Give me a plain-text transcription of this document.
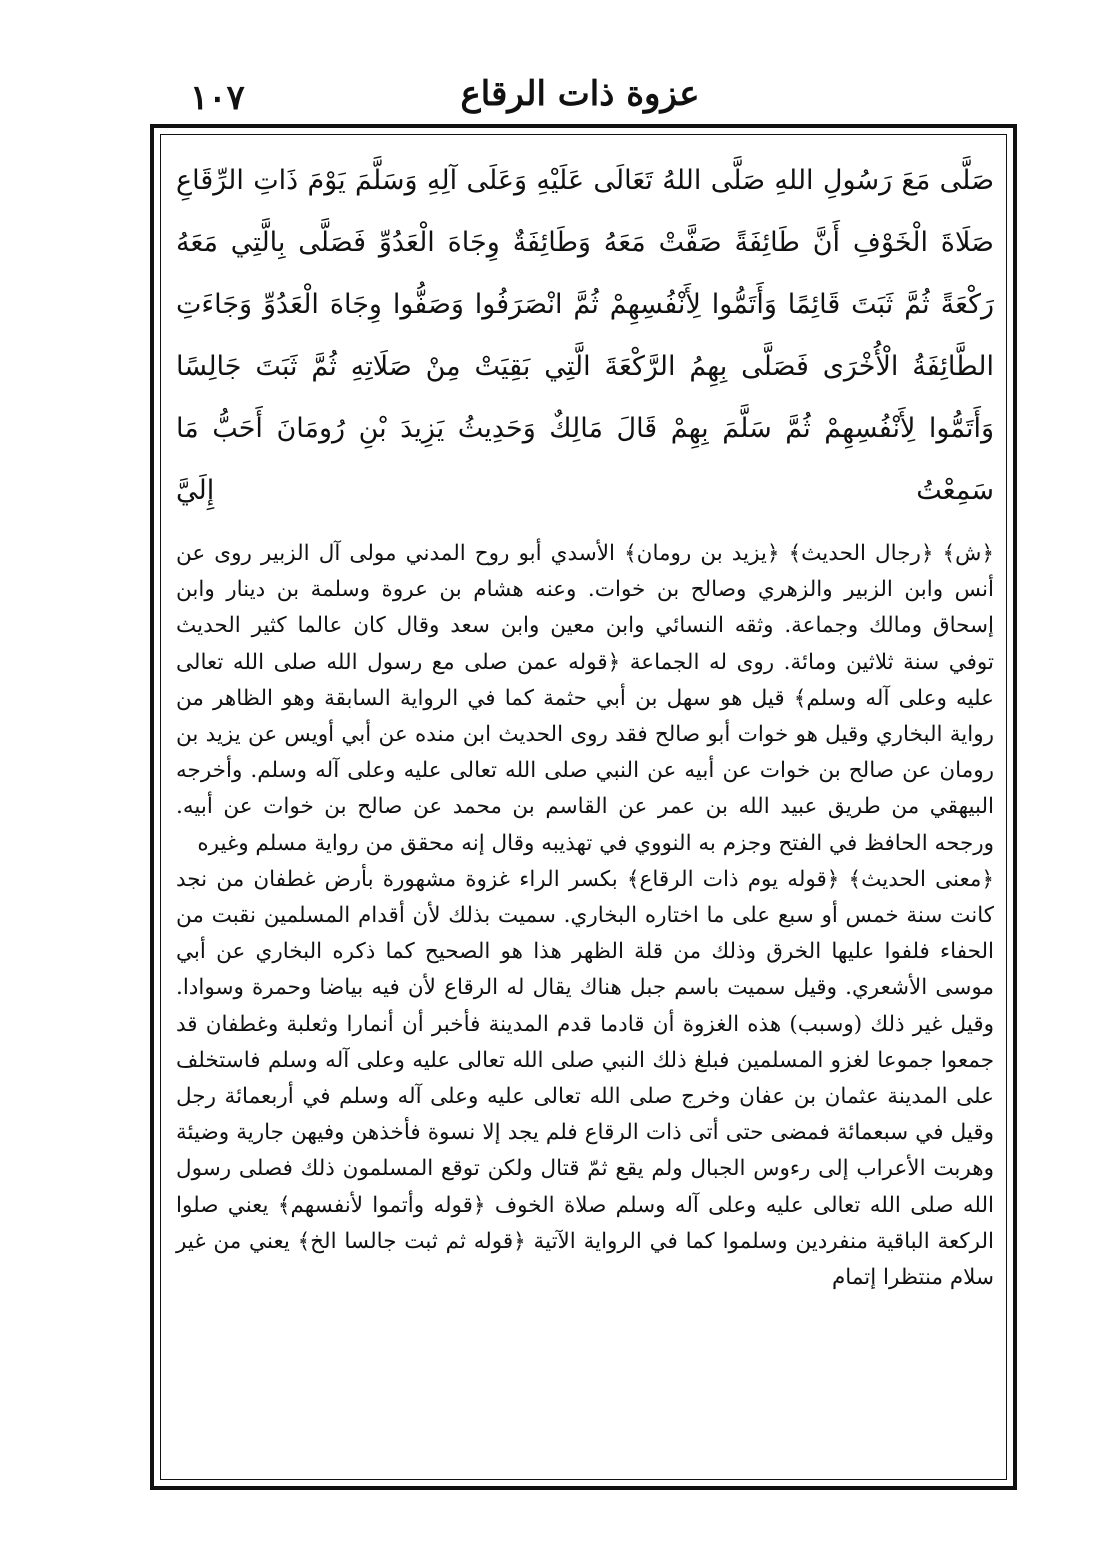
١٠٧	عزوة ذات الرقاع
صَلَّى مَعَ رَسُولِ اللهِ صَلَّى اللهُ تَعَالَى عَلَيْهِ وَعَلَى آلِهِ وَسَلَّمَ يَوْمَ ذَاتِ الرِّقَاعِ صَلَاةَ الْخَوْفِ أَنَّ طَائِفَةً صَفَّتْ مَعَهُ وَطَائِفَةٌ وِجَاهَ الْعَدُوِّ فَصَلَّى بِالَّتِي مَعَهُ رَكْعَةً ثُمَّ ثَبَتَ قَائِمًا وَأَتَمُّوا لِأَنْفُسِهِمْ ثُمَّ انْصَرَفُوا وَصَفُّوا وِجَاهَ الْعَدُوِّ وَجَاءَتِ الطَّائِفَةُ الْأُخْرَى فَصَلَّى بِهِمُ الرَّكْعَةَ الَّتِي بَقِيَتْ مِنْ صَلَاتِهِ ثُمَّ ثَبَتَ جَالِسًا وَأَتَمُّوا لِأَنْفُسِهِمْ ثُمَّ سَلَّمَ بِهِمْ قَالَ مَالِكٌ وَحَدِيثُ يَزِيدَ بْنِ رُومَانَ أَحَبُّ مَا سَمِعْتُ إِلَيَّ
﴿ش﴾ ﴿رجال الحديث﴾ ﴿يزيد بن رومان﴾ الأسدي أبو روح المدني مولى آل الزبير روى عن أنس وابن الزبير والزهري وصالح بن خوات. وعنه هشام بن عروة وسلمة بن دينار وابن إسحاق ومالك وجماعة. وثقه النسائي وابن معين وابن سعد وقال كان عالما كثير الحديث توفي سنة ثلاثين ومائة. روى له الجماعة ﴿قوله عمن صلى مع رسول الله صلى الله تعالى عليه وعلى آله وسلم﴾ قيل هو سهل بن أبي حثمة كما في الرواية السابقة وهو الظاهر من رواية البخاري وقيل هو خوات أبو صالح فقد روى الحديث ابن منده عن أبي أويس عن يزيد بن رومان عن صالح بن خوات عن أبيه عن النبي صلى الله تعالى عليه وعلى آله وسلم. وأخرجه البيهقي من طريق عبيد الله بن عمر عن القاسم بن محمد عن صالح بن خوات عن أبيه. ورجحه الحافظ في الفتح وجزم به النووي في تهذيبه وقال إنه محقق من رواية مسلم وغيره
﴿معنى الحديث﴾ ﴿قوله يوم ذات الرقاع﴾ بكسر الراء غزوة مشهورة بأرض غطفان من نجد كانت سنة خمس أو سبع على ما اختاره البخاري. سميت بذلك لأن أقدام المسلمين نقبت من الحفاء فلفوا عليها الخرق وذلك من قلة الظهر هذا هو الصحيح كما ذكره البخاري عن أبي موسى الأشعري. وقيل سميت باسم جبل هناك يقال له الرقاع لأن فيه بياضا وحمرة وسوادا. وقيل غير ذلك (وسبب) هذه الغزوة أن قادما قدم المدينة فأخبر أن أنمارا وثعلبة وغطفان قد جمعوا جموعا لغزو المسلمين فبلغ ذلك النبي صلى الله تعالى عليه وعلى آله وسلم فاستخلف على المدينة عثمان بن عفان وخرج صلى الله تعالى عليه وعلى آله وسلم في أربعمائة رجل وقيل في سبعمائة فمضى حتى أتى ذات الرقاع فلم يجد إلا نسوة فأخذهن وفيهن جارية وضيئة وهربت الأعراب إلى رءوس الجبال ولم يقع ثمّ قتال ولكن توقع المسلمون ذلك فصلى رسول الله صلى الله تعالى عليه وعلى آله وسلم صلاة الخوف ﴿قوله وأتموا لأنفسهم﴾ يعني صلوا الركعة الباقية منفردين وسلموا كما في الرواية الآتية ﴿قوله ثم ثبت جالسا الخ﴾ يعني من غير سلام منتظرا إتمام
